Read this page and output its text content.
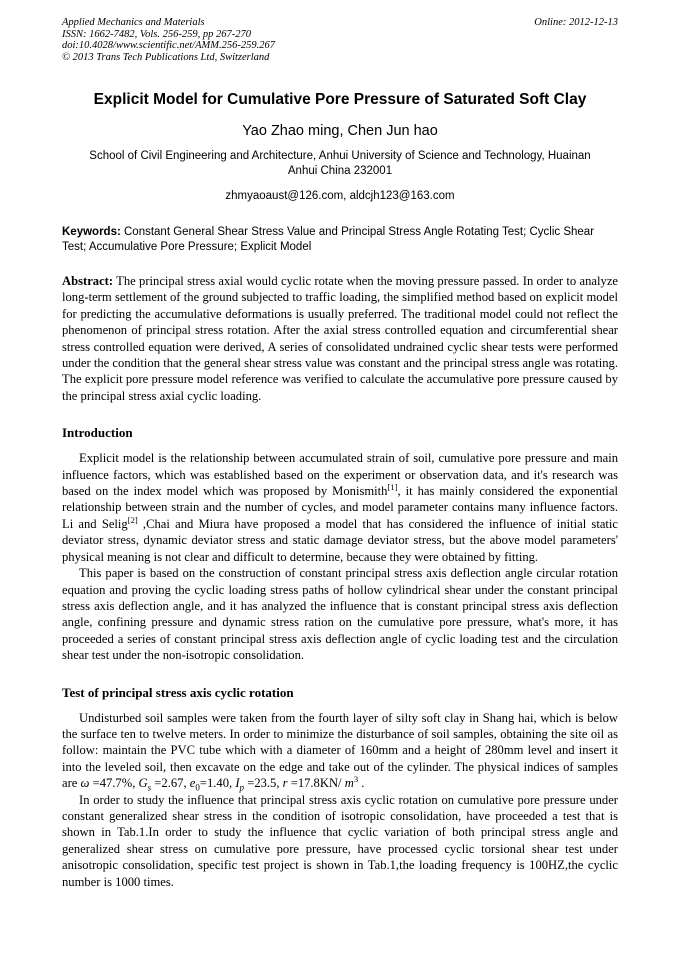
Applied Mechanics and Materials
ISSN: 1662-7482, Vols. 256-259, pp 267-270
doi:10.4028/www.scientific.net/AMM.256-259.267
© 2013 Trans Tech Publications Ltd, Switzerland
Online: 2012-12-13
Explicit Model for Cumulative Pore Pressure of Saturated Soft Clay
Yao Zhao ming, Chen Jun hao
School of Civil Engineering and Architecture, Anhui University of Science and Technology, Huainan
Anhui China 232001
zhmyaoaust@126.com, aldcjh123@163.com

Keywords: Constant General Shear Stress Value and Principal Stress Angle Rotating Test; Cyclic Shear Test; Accumulative Pore Pressure; Explicit Model

Abstract: The principal stress axial would cyclic rotate when the moving pressure passed. In order to analyze long-term settlement of the ground subjected to traffic loading, the simplified method based on explicit model for predicting the accumulative deformations is usually preferred. The traditional model could not reflect the phenomenon of principal stress rotation. After the axial stress controlled equation and circumferential shear stress controlled equation were derived, A series of consolidated undrained cyclic shear tests were performed under the condition that the general shear stress value was constant and the principal stress angle was rotating. The explicit pore pressure model reference was verified to calculate the accumulative pore pressure caused by the principal stress axial cyclic loading.

Introduction

Explicit model is the relationship between accumulated strain of soil, cumulative pore pressure and main influence factors, which was established based on the experiment or observation data, and it's research was based on the index model which was proposed by Monismith[1], it has mainly considered the exponential relationship between strain and the number of cycles, and model parameter contains many influence factors. Li and Selig[2] ,Chai and Miura have proposed a model that has considered the influence of initial static deviator stress, dynamic deviator stress and static damage deviator stress, but the above model parameters' physical meaning is not clear and difficult to determine, because they were obtained by fitting.

This paper is based on the construction of constant principal stress axis deflection angle circular rotation equation and proving the cyclic loading stress paths of hollow cylindrical shear under the constant principal stress axis deflection angle, and it has analyzed the influence that is constant principal stress axis deflection angle, confining pressure and dynamic stress ration on the cumulative pore pressure, what's more, it has proceeded a series of constant principal stress axis deflection angle of cyclic loading test and the circulation shear test under the non-isotropic consolidation.

Test of principal stress axis cyclic rotation

Undisturbed soil samples were taken from the fourth layer of silty soft clay in Shang hai, which is below the surface ten to twelve meters. In order to minimize the disturbance of soil samples, obtaining the site oil as follow: maintain the PVC tube which with a diameter of 160mm and a height of 280mm level and insert it into the leveled soil, then excavate on the edge and take out of the cylinder. The physical indices of samples are ω =47.7%, $G_s =2.67$, $e_0=1.40$, $I_p =23.5$, r =17.8KN/ $m^3$ .

In order to study the influence that principal stress axis cyclic rotation on cumulative pore pressure under constant generalized shear stress in the condition of isotropic consolidation, have proceeded a test that is shown in Tab.1.In order to study the influence that cyclic variation of both principal stress angle and generalized shear stress on cumulative pore pressure, have processed cyclic torsional shear test under anisotropic consolidation, specific test project is shown in Tab.1,the loading frequency is 100HZ,the cyclic number is 1000 times.
